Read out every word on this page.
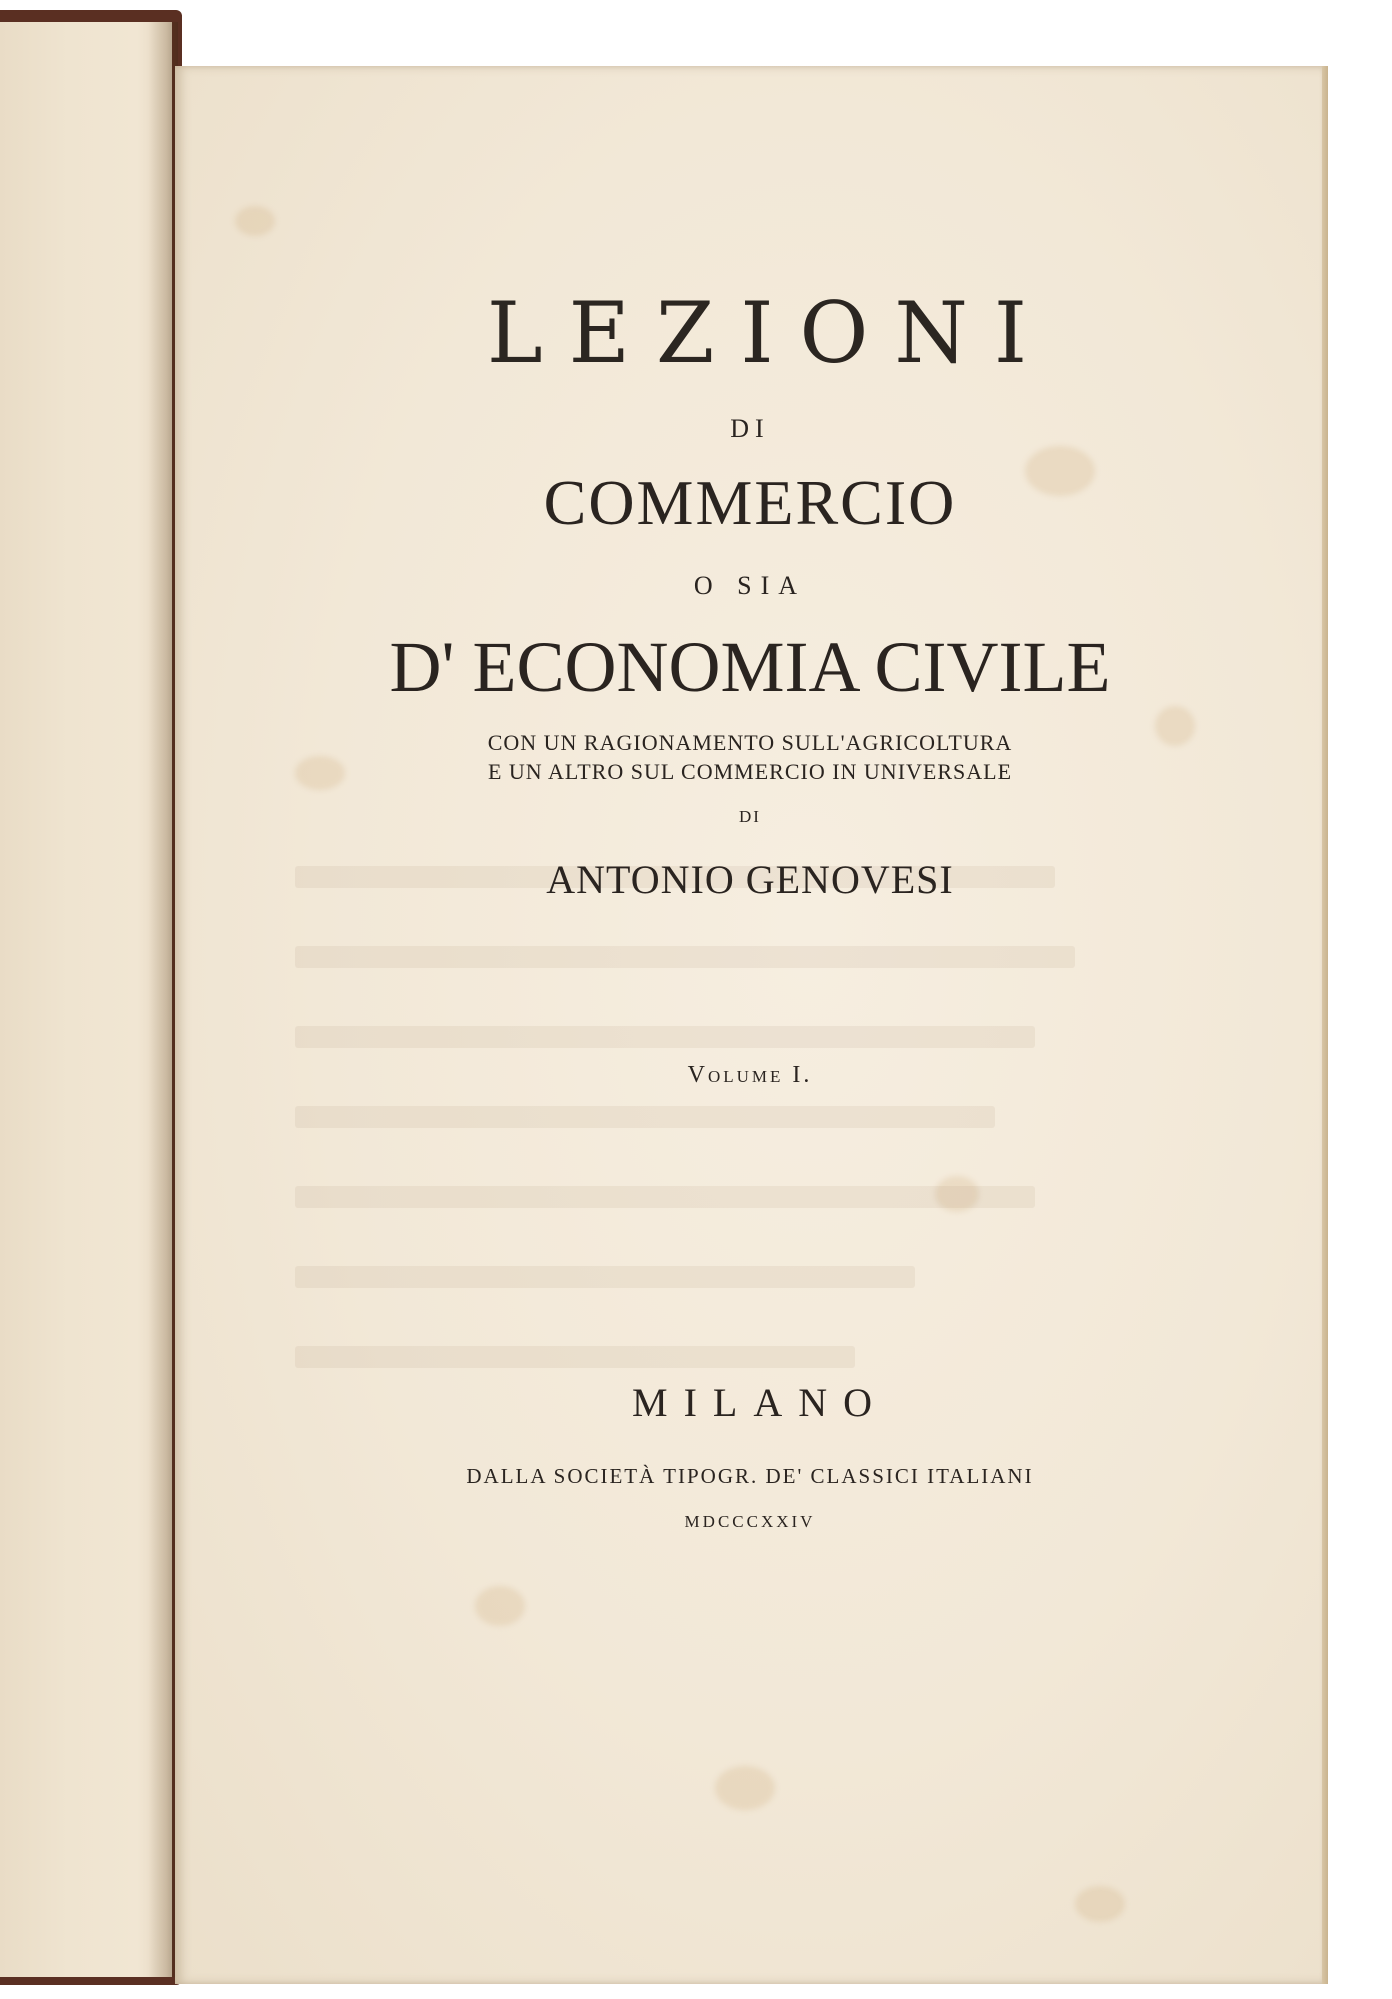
LEZIONI
DI
COMMERCIO
O SIA
D' ECONOMIA CIVILE
CON UN RAGIONAMENTO SULL'AGRICOLTURA
E UN ALTRO SUL COMMERCIO IN UNIVERSALE
DI
ANTONIO GENOVESI
Volume I.
MILANO
DALLA SOCIETÀ TIPOGR. DE' CLASSICI ITALIANI
MDCCCXXIV
